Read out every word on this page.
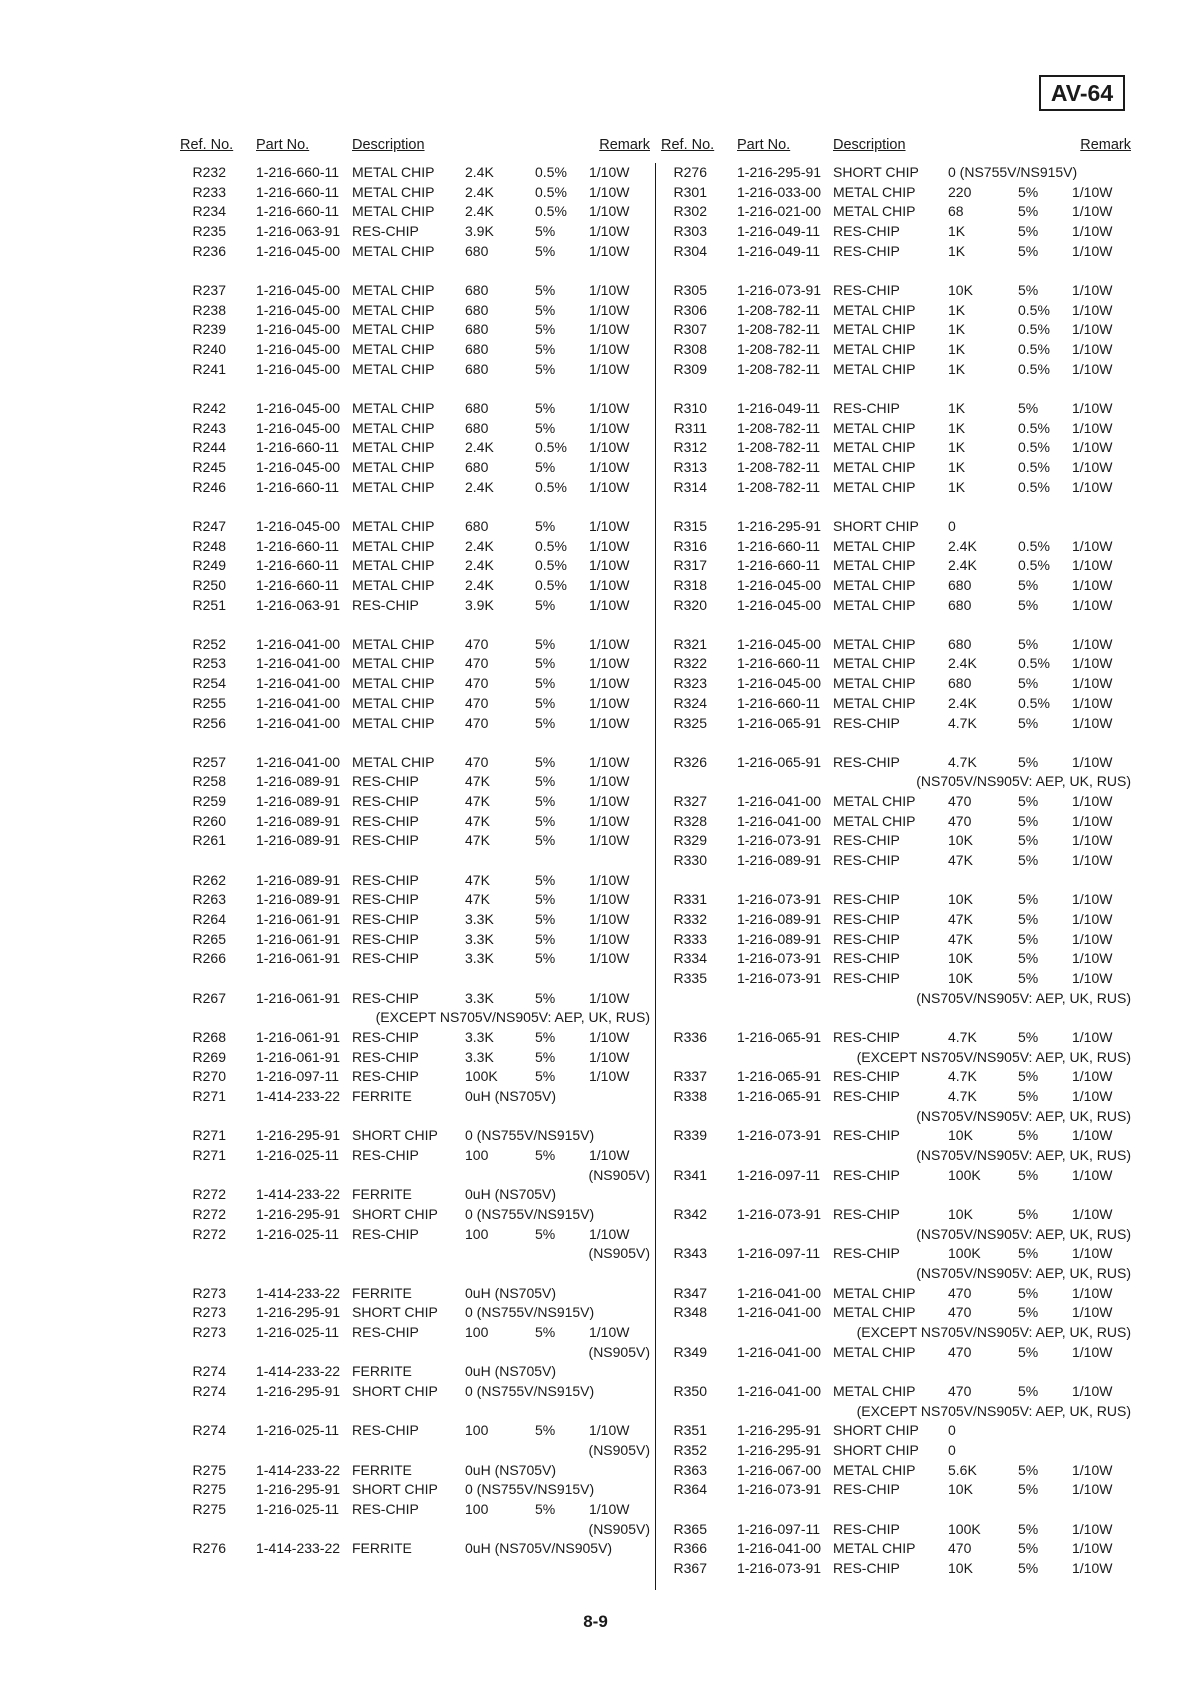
AV-64
Ref. No. Part No.	Description	Remark
R232 1-216-660-11 METAL CHIP 2.4K	0.5% 1/10W
R233 1-216-660-11 METAL CHIP 2.4K	0.5% 1/10W
R234 1-216-660-11 METAL CHIP 2.4K	0.5% 1/10W
R235 1-216-063-91 RES-CHIP	3.9K	5% 1/10W
R236 1-216-045-00 METAL CHIP 680	5% 1/10W
R237 1-216-045-00 METAL CHIP 680	5% 1/10W
R238 1-216-045-00 METAL CHIP 680	5% 1/10W
R239 1-216-045-00 METAL CHIP 680	5% 1/10W
R240 1-216-045-00 METAL CHIP 680	5% 1/10W
R241 1-216-045-00 METAL CHIP 680	5% 1/10W
R242 1-216-045-00 METAL CHIP 680	5% 1/10W
R243 1-216-045-00 METAL CHIP 680	5% 1/10W
R244 1-216-660-11 METAL CHIP 2.4K	0.5% 1/10W
R245 1-216-045-00 METAL CHIP 680	5% 1/10W
R246 1-216-660-11 METAL CHIP 2.4K	0.5% 1/10W
R247 1-216-045-00 METAL CHIP 680	5% 1/10W
R248 1-216-660-11 METAL CHIP 2.4K	0.5% 1/10W
R249 1-216-660-11 METAL CHIP 2.4K	0.5% 1/10W
R250 1-216-660-11 METAL CHIP 2.4K	0.5% 1/10W
R251 1-216-063-91 RES-CHIP	3.9K	5% 1/10W
R252 1-216-041-00 METAL CHIP 470	5% 1/10W
R253 1-216-041-00 METAL CHIP 470	5% 1/10W
R254 1-216-041-00 METAL CHIP 470	5% 1/10W
R255 1-216-041-00 METAL CHIP 470	5% 1/10W
R256 1-216-041-00 METAL CHIP 470	5% 1/10W
R257 1-216-041-00 METAL CHIP 470	5% 1/10W
R258 1-216-089-91 RES-CHIP	47K	5% 1/10W
R259 1-216-089-91 RES-CHIP	47K	5% 1/10W
R260 1-216-089-91 RES-CHIP	47K	5% 1/10W
R261 1-216-089-91 RES-CHIP	47K	5% 1/10W
R262 1-216-089-91 RES-CHIP	47K	5% 1/10W
R263 1-216-089-91 RES-CHIP	47K	5% 1/10W
R264 1-216-061-91 RES-CHIP	3.3K	5% 1/10W
R265 1-216-061-91 RES-CHIP	3.3K	5% 1/10W
R266 1-216-061-91 RES-CHIP	3.3K	5% 1/10W
R267 1-216-061-91 RES-CHIP	3.3K	5% 1/10W
(EXCEPT NS705V/NS905V: AEP, UK, RUS)
R268 1-216-061-91 RES-CHIP	3.3K	5% 1/10W
R269 1-216-061-91 RES-CHIP	3.3K	5% 1/10W
R270 1-216-097-11 RES-CHIP	100K	5% 1/10W
R271 1-414-233-22 FERRITE	0uH (NS705V)
R271 1-216-295-91 SHORT CHIP 0 (NS755V/NS915V)
R271 1-216-025-11 RES-CHIP	100	5% 1/10W
(NS905V)
R272 1-414-233-22 FERRITE	0uH (NS705V)
R272 1-216-295-91 SHORT CHIP 0 (NS755V/NS915V)
R272 1-216-025-11 RES-CHIP	100	5% 1/10W
(NS905V)
R273 1-414-233-22 FERRITE	0uH (NS705V)
R273 1-216-295-91 SHORT CHIP 0 (NS755V/NS915V)
R273 1-216-025-11 RES-CHIP	100	5% 1/10W
(NS905V)
R274 1-414-233-22 FERRITE	0uH (NS705V)
R274 1-216-295-91 SHORT CHIP 0 (NS755V/NS915V)
R274 1-216-025-11 RES-CHIP	100	5% 1/10W
(NS905V)
R275 1-414-233-22 FERRITE	0uH (NS705V)
R275 1-216-295-91 SHORT CHIP 0 (NS755V/NS915V)
R275 1-216-025-11 RES-CHIP	100	5% 1/10W
(NS905V)
R276 1-414-233-22 FERRITE	0uH (NS705V/NS905V)
Ref. No. Part No.	Description	Remark
R276 1-216-295-91 SHORT CHIP 0 (NS755V/NS915V)
R301 1-216-033-00 METAL CHIP 220	5% 1/10W
R302 1-216-021-00 METAL CHIP 68	5% 1/10W
R303 1-216-049-11 RES-CHIP	1K	5% 1/10W
R304 1-216-049-11 RES-CHIP	1K	5% 1/10W
R305 1-216-073-91 RES-CHIP	10K	5% 1/10W
R306 1-208-782-11 METAL CHIP 1K	0.5% 1/10W
R307 1-208-782-11 METAL CHIP 1K	0.5% 1/10W
R308 1-208-782-11 METAL CHIP 1K	0.5% 1/10W
R309 1-208-782-11 METAL CHIP 1K	0.5% 1/10W
R310 1-216-049-11 RES-CHIP	1K	5% 1/10W
R311 1-208-782-11 METAL CHIP 1K	0.5% 1/10W
R312 1-208-782-11 METAL CHIP 1K	0.5% 1/10W
R313 1-208-782-11 METAL CHIP 1K	0.5% 1/10W
R314 1-208-782-11 METAL CHIP 1K	0.5% 1/10W
R315 1-216-295-91 SHORT CHIP 0
R316 1-216-660-11 METAL CHIP 2.4K	0.5% 1/10W
R317 1-216-660-11 METAL CHIP 2.4K	0.5% 1/10W
R318 1-216-045-00 METAL CHIP 680	5% 1/10W
R320 1-216-045-00 METAL CHIP 680	5% 1/10W
R321 1-216-045-00 METAL CHIP 680	5% 1/10W
R322 1-216-660-11 METAL CHIP 2.4K	0.5% 1/10W
R323 1-216-045-00 METAL CHIP 680	5% 1/10W
R324 1-216-660-11 METAL CHIP 2.4K	0.5% 1/10W
R325 1-216-065-91 RES-CHIP	4.7K	5% 1/10W
R326 1-216-065-91 RES-CHIP	4.7K	5% 1/10W
(NS705V/NS905V: AEP, UK, RUS)
R327 1-216-041-00 METAL CHIP 470	5% 1/10W
R328 1-216-041-00 METAL CHIP 470	5% 1/10W
R329 1-216-073-91 RES-CHIP	10K	5% 1/10W
R330 1-216-089-91 RES-CHIP	47K	5% 1/10W
R331 1-216-073-91 RES-CHIP	10K	5% 1/10W
R332 1-216-089-91 RES-CHIP	47K	5% 1/10W
R333 1-216-089-91 RES-CHIP	47K	5% 1/10W
R334 1-216-073-91 RES-CHIP	10K	5% 1/10W
R335 1-216-073-91 RES-CHIP	10K	5% 1/10W
(NS705V/NS905V: AEP, UK, RUS)
R336 1-216-065-91 RES-CHIP	4.7K	5% 1/10W
(EXCEPT NS705V/NS905V: AEP, UK, RUS)
R337 1-216-065-91 RES-CHIP	4.7K	5% 1/10W
R338 1-216-065-91 RES-CHIP	4.7K	5% 1/10W
(NS705V/NS905V: AEP, UK, RUS)
R339 1-216-073-91 RES-CHIP	10K	5% 1/10W
(NS705V/NS905V: AEP, UK, RUS)
R341 1-216-097-11 RES-CHIP	100K	5% 1/10W
R342 1-216-073-91 RES-CHIP	10K	5% 1/10W
(NS705V/NS905V: AEP, UK, RUS)
R343 1-216-097-11 RES-CHIP	100K	5% 1/10W
(NS705V/NS905V: AEP, UK, RUS)
R347 1-216-041-00 METAL CHIP 470	5% 1/10W
R348 1-216-041-00 METAL CHIP 470	5% 1/10W
(EXCEPT NS705V/NS905V: AEP, UK, RUS)
R349 1-216-041-00 METAL CHIP 470	5% 1/10W
R350 1-216-041-00 METAL CHIP 470	5% 1/10W
(EXCEPT NS705V/NS905V: AEP, UK, RUS)
R351 1-216-295-91 SHORT CHIP 0
R352 1-216-295-91 SHORT CHIP 0
R363 1-216-067-00 METAL CHIP 5.6K	5% 1/10W
R364 1-216-073-91 RES-CHIP	10K	5% 1/10W
R365 1-216-097-11 RES-CHIP	100K	5% 1/10W
R366 1-216-041-00 METAL CHIP 470	5% 1/10W
R367 1-216-073-91 RES-CHIP	10K	5% 1/10W
8-9
